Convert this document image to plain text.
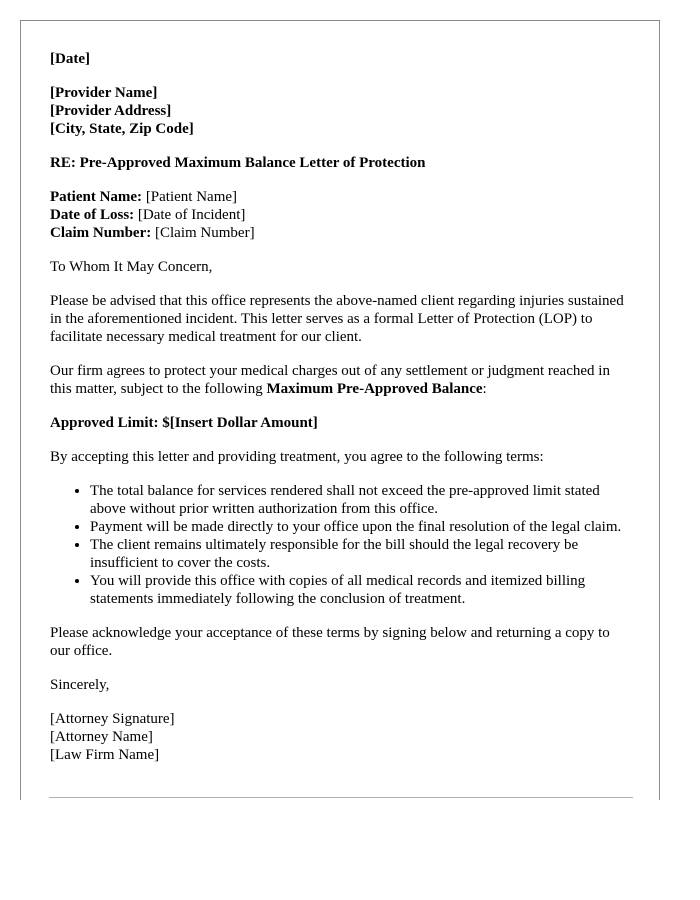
[Date]
[Provider Name]
[Provider Address]
[City, State, Zip Code]
RE: Pre-Approved Maximum Balance Letter of Protection
Patient Name: [Patient Name]
Date of Loss: [Date of Incident]
Claim Number: [Claim Number]
To Whom It May Concern,
Please be advised that this office represents the above-named client regarding injuries sustained in the aforementioned incident. This letter serves as a formal Letter of Protection (LOP) to facilitate necessary medical treatment for our client.
Our firm agrees to protect your medical charges out of any settlement or judgment reached in this matter, subject to the following Maximum Pre-Approved Balance:
Approved Limit: $[Insert Dollar Amount]
By accepting this letter and providing treatment, you agree to the following terms:
• The total balance for services rendered shall not exceed the pre-approved limit stated above without prior written authorization from this office.
• Payment will be made directly to your office upon the final resolution of the legal claim.
• The client remains ultimately responsible for the bill should the legal recovery be insufficient to cover the costs.
• You will provide this office with copies of all medical records and itemized billing statements immediately following the conclusion of treatment.
Please acknowledge your acceptance of these terms by signing below and returning a copy to our office.
Sincerely,
[Attorney Signature]
[Attorney Name]
[Law Firm Name]
